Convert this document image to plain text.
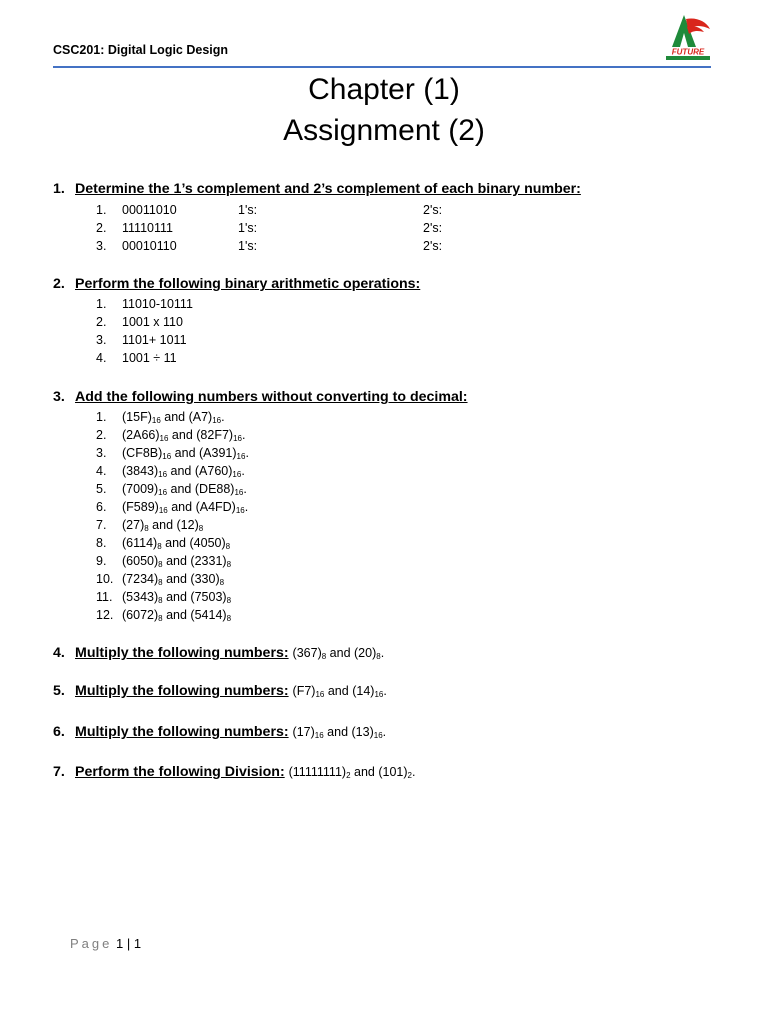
CSC201: Digital Logic Design	FUTURE
Chapter (1)
Assignment (2)
1. Determine the 1’s complement and 2’s complement of each binary number:
1. 00011010	1's:	2's:
2. 11110111	1's:	2's:
3. 00010110	1's:	2's:
2. Perform the following binary arithmetic operations:
1. 11010-10111
2. 1001 x 110
3. 1101+ 1011
4. 1001 ÷ 11
3. Add the following numbers without converting to decimal:
1. $(15F)_{16}$ and $(A7)_{16}$.
2. $(2A66)_{16}$ and $(82F7)_{16}$.
3. $(CF8B)_{16}$ and $(A391)_{16}$.
4. $(3843)_{16}$ and $(A760)_{16}$.
5. $(7009)_{16}$ and $(DE88)_{16}$.
6. $(F589)_{16}$ and $(A4FD)_{16}$.
7. $(27)_8$ and $(12)_8$
8. $(6114)_8$ and $(4050)_8$
9. $(6050)_8$ and $(2331)_8$
10. $(7234)_8$ and $(330)_8$
11. $(5343)_8$ and $(7503)_8$
12. $(6072)_8$ and $(5414)_8$
4. Multiply the following numbers: $(367)_8$ and $(20)_8$.
5. Multiply the following numbers: $(F7)_{16}$ and $(14)_{16}$.
6. Multiply the following numbers: $(17)_{16}$ and $(13)_{16}$.
7. Perform the following Division: $(11111111)_2$ and $(101)_2$.
Page 1 | 1
